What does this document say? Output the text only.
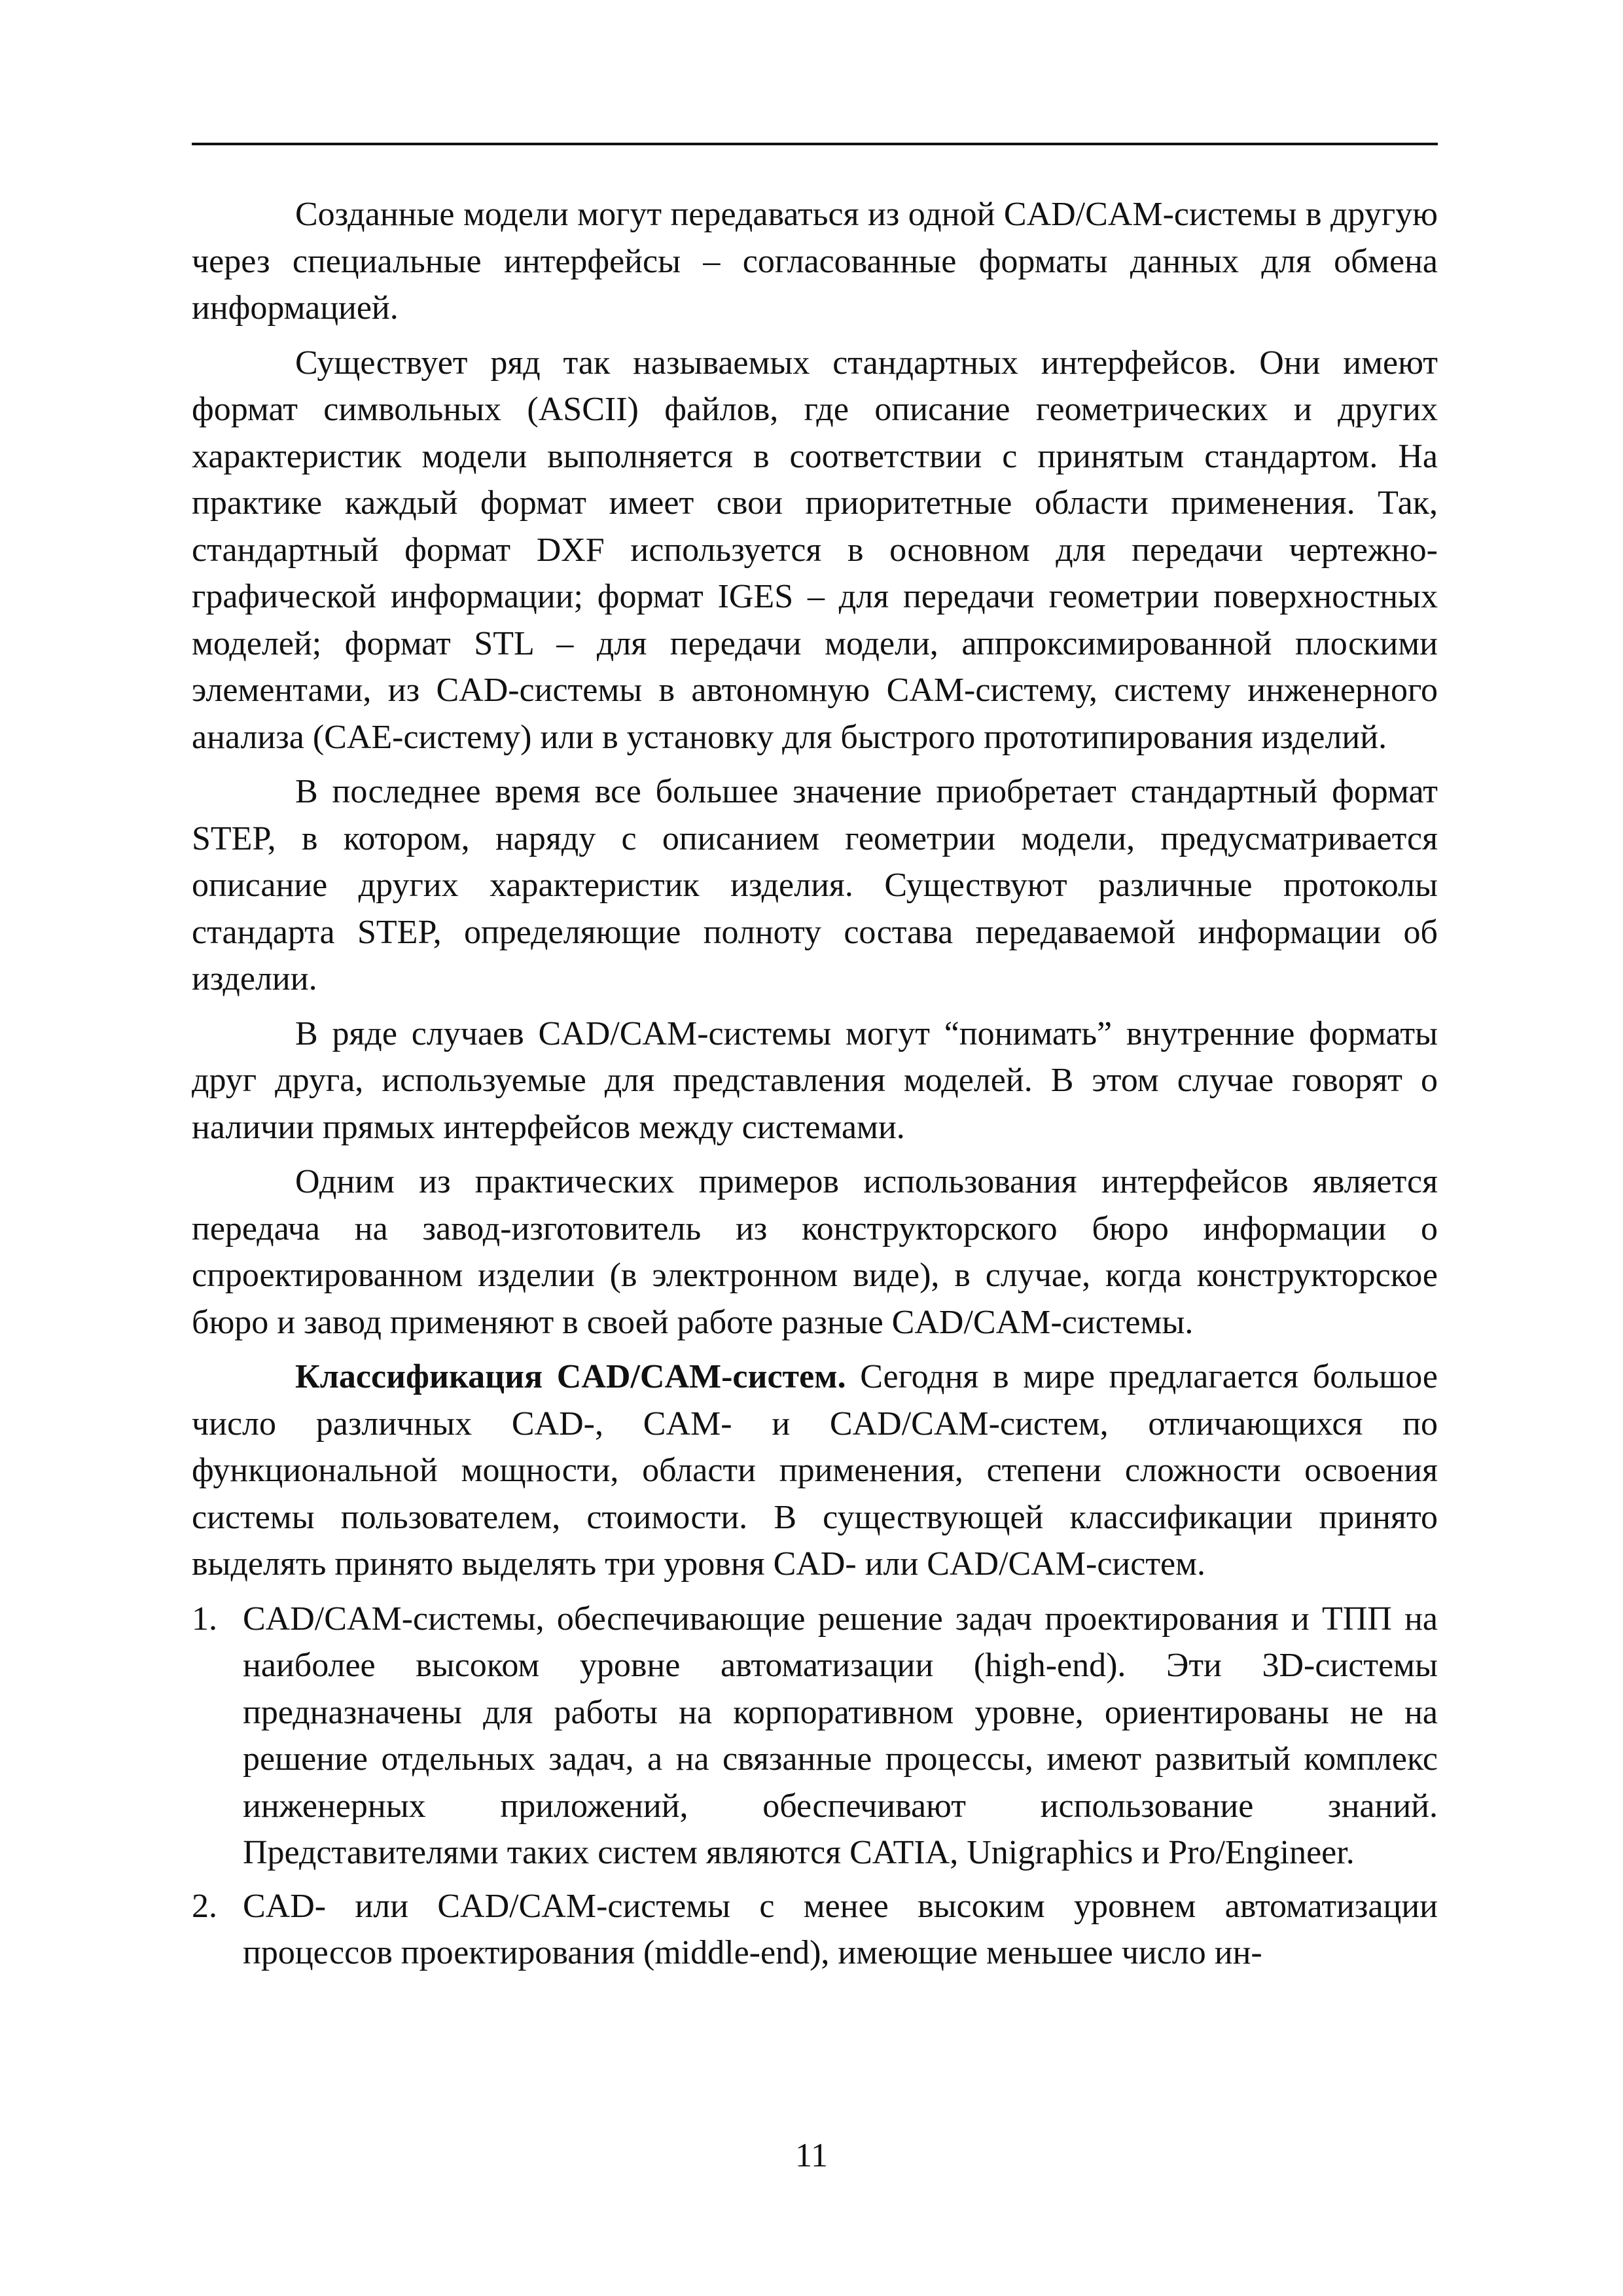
Созданные модели могут передаваться из одной CAD/CAM-системы в другую через специальные интерфейсы – согласованные форматы данных для обмена информацией.

Существует ряд так называемых стандартных интерфейсов. Они имеют формат символьных (ASCII) файлов, где описание геометрических и других характеристик модели выполняется в соответствии с принятым стандартом. На практике каждый формат имеет свои приоритетные области применения. Так, стандартный формат DXF используется в основном для передачи чертежно-графической информации; формат IGES – для передачи геометрии поверхностных моделей; формат STL – для передачи модели, аппроксимированной плоскими элементами, из CAD-системы в автономную CAM-систему, систему инженерного анализа (CAE-систему) или в установку для быстрого прототипирования изделий.

В последнее время все большее значение приобретает стандартный формат STEP, в котором, наряду с описанием геометрии модели, предусматривается описание других характеристик изделия. Существуют различные протоколы стандарта STEP, определяющие полноту состава передаваемой информации об изделии.

В ряде случаев CAD/CAM-системы могут “понимать” внутренние форматы друг друга, используемые для представления моделей. В этом случае говорят о наличии прямых интерфейсов между системами.

Одним из практических примеров использования интерфейсов является передача на завод-изготовитель из конструкторского бюро информации о спроектированном изделии (в электронном виде), в случае, когда конструкторское бюро и завод применяют в своей работе разные CAD/CAM-системы.

Классификация CAD/CAM-систем. Сегодня в мире предлагается большое число различных CAD-, CAM- и CAD/CAM-систем, отличающихся по функциональной мощности, области применения, степени сложности освоения системы пользователем, стоимости. В существующей классификации принято выделять принято выделять три уровня CAD- или CAD/CAM-систем.

1. CAD/CAM-системы, обеспечивающие решение задач проектирования и ТПП на наиболее высоком уровне автоматизации (high-end). Эти 3D-системы предназначены для работы на корпоративном уровне, ориентированы не на решение отдельных задач, а на связанные процессы, имеют развитый комплекс инженерных приложений, обеспечивают использование знаний. Представителями таких систем являются CATIA, Unigraphics и Pro/Engineer.
2. CAD- или CAD/CAM-системы с менее высоким уровнем автоматизации процессов проектирования (middle-end), имеющие меньшее число ин-
11
